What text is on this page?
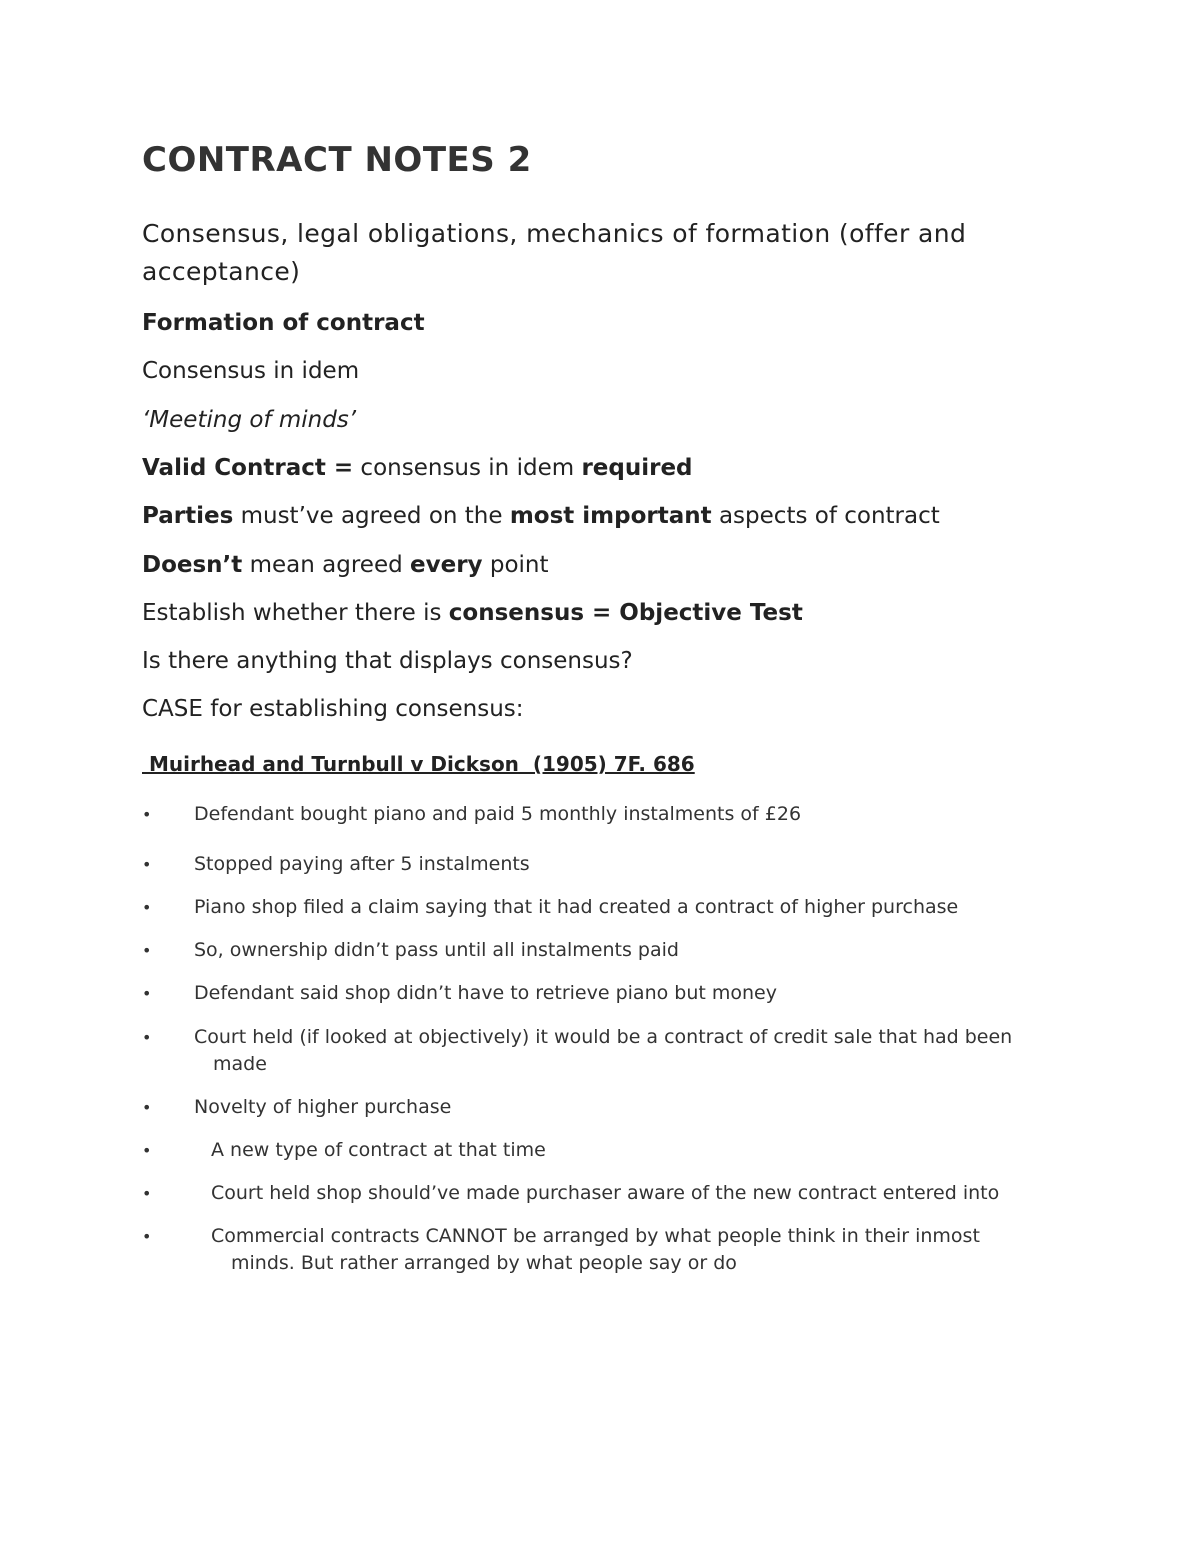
CONTRACT NOTES 2
Consensus, legal obligations, mechanics of formation (offer and acceptance)
Formation of contract
Consensus in idem
‘Meeting of minds’
Valid Contract = consensus in idem required
Parties must’ve agreed on the most important aspects of contract
Doesn’t mean agreed every point
Establish whether there is consensus = Objective Test
Is there anything that displays consensus?
CASE for establishing consensus:
Muirhead and Turnbull v Dickson  (1905) 7F. 686
• Defendant bought piano and paid 5 monthly instalments of £26
• Stopped paying after 5 instalments
• Piano shop filed a claim saying that it had created a contract of higher purchase
• So, ownership didn’t pass until all instalments paid
• Defendant said shop didn’t have to retrieve piano but money
• Court held (if looked at objectively) it would be a contract of credit sale that had been
made
• Novelty of higher purchase
•	A new type of contract at that time
•	Court held shop should’ve made purchaser aware of the new contract entered into
•	Commercial contracts CANNOT be arranged by what people think in their inmost
minds. But rather arranged by what people say or do
